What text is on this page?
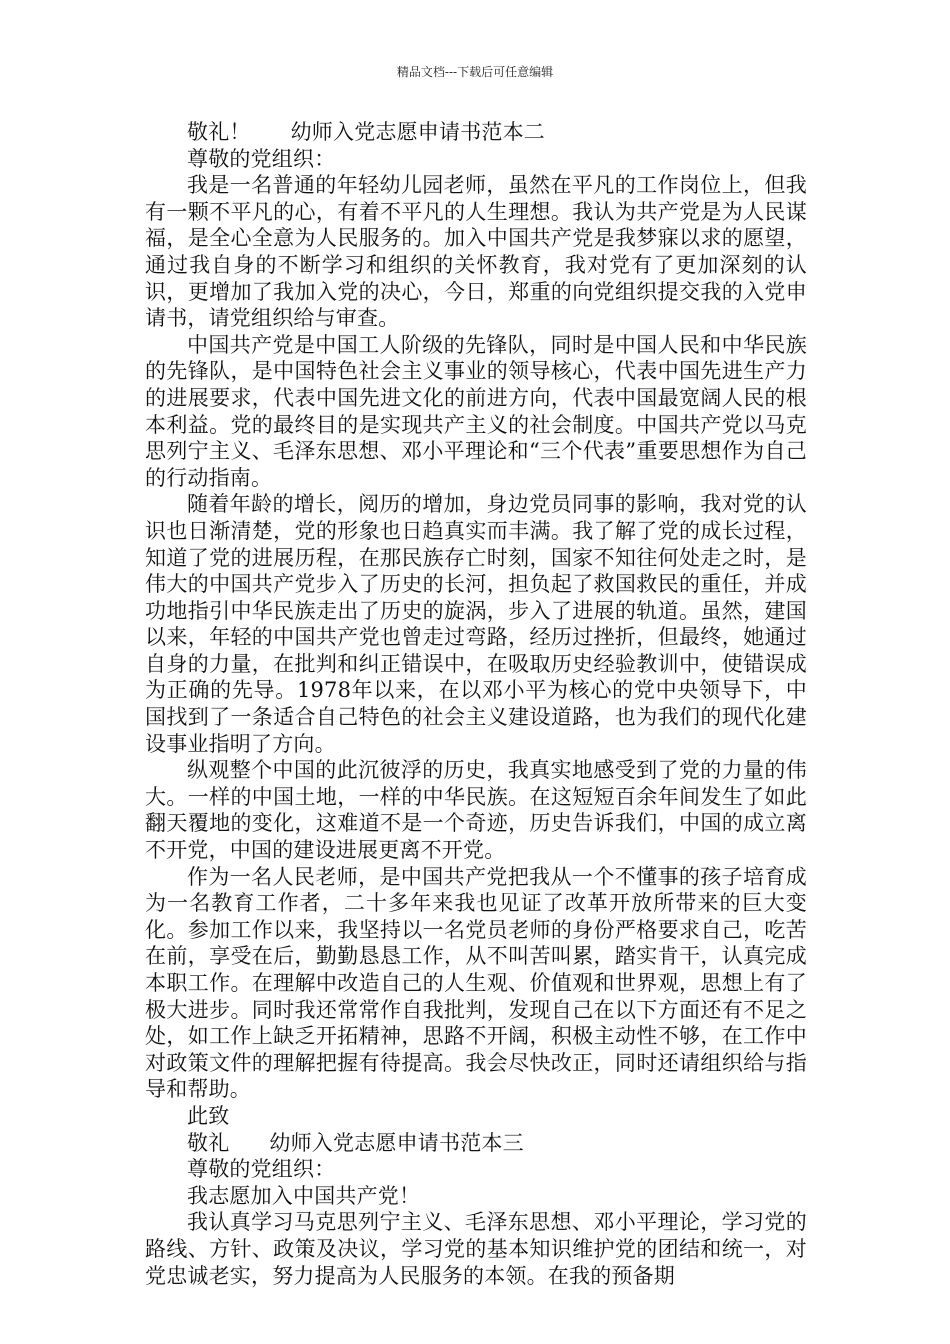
精品文档---下载后可任意编辑

敬礼！ 幼师入党志愿申请书范本二

尊敬的党组织：

我是一名普通的年轻幼儿园老师，虽然在平凡的工作岗位上，但我有一颗不平凡的心，有着不平凡的人生理想。我认为共产党是为人民谋福，是全心全意为人民服务的。加入中国共产党是我梦寐以求的愿望，通过我自身的不断学习和组织的关怀教育，我对党有了更加深刻的认识，更增加了我加入党的决心，今日，郑重的向党组织提交我的入党申请书，请党组织给与审查。

中国共产党是中国工人阶级的先锋队，同时是中国人民和中华民族的先锋队，是中国特色社会主义事业的领导核心，代表中国先进生产力的进展要求，代表中国先进文化的前进方向，代表中国最宽阔人民的根本利益。党的最终目的是实现共产主义的社会制度。中国共产党以马克思列宁主义、毛泽东思想、邓小平理论和“三个代表”重要思想作为自己的行动指南。

随着年龄的增长，阅历的增加，身边党员同事的影响，我对党的认识也日渐清楚，党的形象也日趋真实而丰满。我了解了党的成长过程，知道了党的进展历程，在那民族存亡时刻，国家不知往何处走之时，是伟大的中国共产党步入了历史的长河，担负起了救国救民的重任，并成功地指引中华民族走出了历史的旋涡，步入了进展的轨道。虽然，建国以来，年轻的中国共产党也曾走过弯路，经历过挫折，但最终，她通过自身的力量，在批判和纠正错误中，在吸取历史经验教训中，使错误成为正确的先导。1978年以来，在以邓小平为核心的党中央领导下，中国找到了一条适合自己特色的社会主义建设道路，也为我们的现代化建设事业指明了方向。

纵观整个中国的此沉彼浮的历史，我真实地感受到了党的力量的伟大。一样的中国土地，一样的中华民族。在这短短百余年间发生了如此翻天覆地的变化，这难道不是一个奇迹，历史告诉我们，中国的成立离不开党，中国的建设进展更离不开党。

作为一名人民老师，是中国共产党把我从一个不懂事的孩子培育成为一名教育工作者，二十多年来我也见证了改革开放所带来的巨大变化。参加工作以来，我坚持以一名党员老师的身份严格要求自己，吃苦在前，享受在后，勤勤恳恳工作，从不叫苦叫累，踏实肯干，认真完成本职工作。在理解中改造自己的人生观、价值观和世界观，思想上有了极大进步。同时我还常常作自我批判，发现自己在以下方面还有不足之处，如工作上缺乏开拓精神，思路不开阔，积极主动性不够，在工作中对政策文件的理解把握有待提高。我会尽快改正，同时还请组织给与指导和帮助。

此致

敬礼 幼师入党志愿申请书范本三

尊敬的党组织：

我志愿加入中国共产党！

我认真学习马克思列宁主义、毛泽东思想、邓小平理论，学习党的路线、方针、政策及决议，学习党的基本知识维护党的团结和统一，对党忠诚老实，努力提高为人民服务的本领。在我的预备期
